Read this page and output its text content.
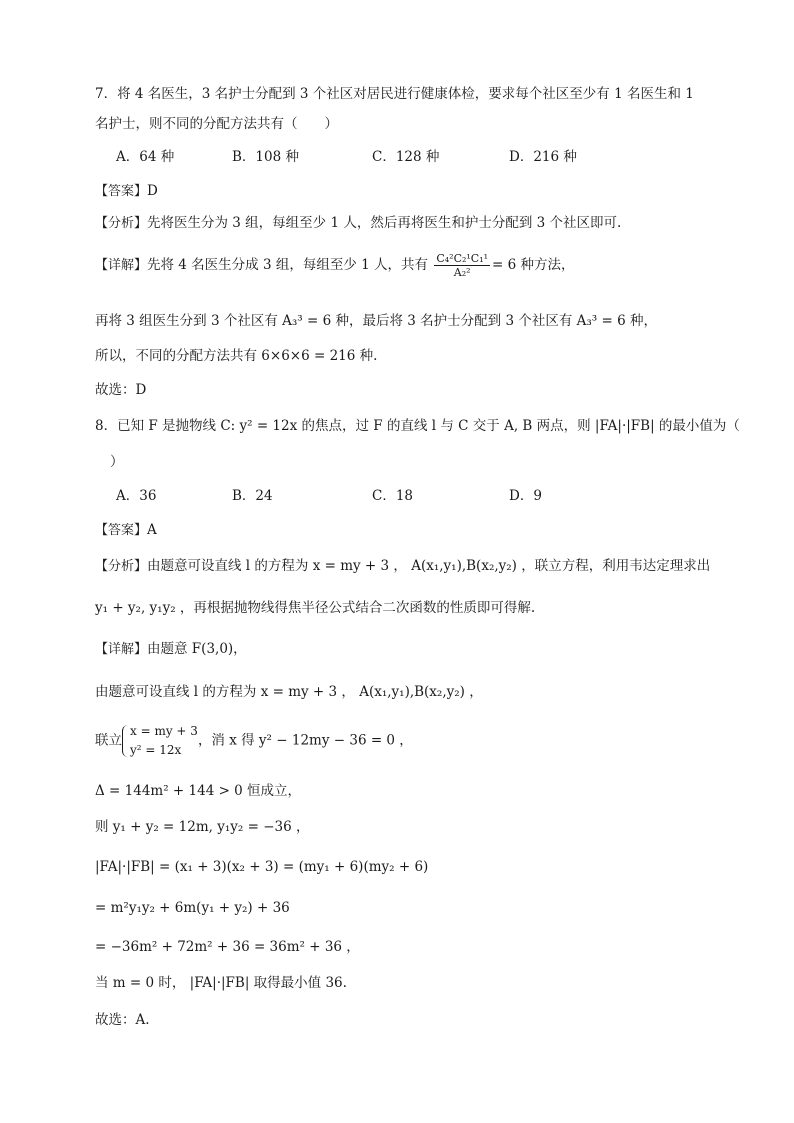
7．将 4 名医生，3 名护士分配到 3 个社区对居民进行健康体检，要求每个社区至少有 1 名医生和 1
名护士，则不同的分配方法共有（　　）
A．64 种	B．108 种	C．128 种	D．216 种
【答案】D
【分析】先将医生分为 3 组，每组至少 1 人，然后再将医生和护士分配到 3 个社区即可.
【详解】先将 4 名医生分成 3 组，每组至少 1 人，共有 $\frac{\text{C₄²C₂¹C₁¹}}{\text{A₂²}} = 6$ 种方法，
再将 3 组医生分到 3 个社区有 A₃³ = 6 种，最后将 3 名护士分配到 3 个社区有 A₃³ = 6 种，
所以，不同的分配方法共有 6×6×6 = 216 种.
故选：D
8．已知 F 是抛物线 C: y² = 12x 的焦点，过 F 的直线 l 与 C 交于 A, B 两点，则 |FA|·|FB| 的最小值为（
）
A．36	B．24	C．18	D．9
【答案】A
【分析】由题意可设直线 l 的方程为 x = my + 3 ， A(x₁,y₁),B(x₂,y₂) ，联立方程，利用韦达定理求出
y₁ + y₂, y₁y₂ ，再根据抛物线得焦半径公式结合二次函数的性质即可得解.
【详解】由题意 F(3,0)，
由题意可设直线 l 的方程为 x = my + 3 ， A(x₁,y₁),B(x₂,y₂) ，
联立
x = my + 3
y² = 12x
，消 x 得 y² − 12my − 36 = 0 ，
Δ = 144m² + 144 > 0 恒成立，
则 y₁ + y₂ = 12m, y₁y₂ = −36 ，
|FA|·|FB| = (x₁ + 3)(x₂ + 3) = (my₁ + 6)(my₂ + 6)
= m²y₁y₂ + 6m(y₁ + y₂) + 36
= −36m² + 72m² + 36 = 36m² + 36 ，
当 m = 0 时， |FA|·|FB| 取得最小值 36.
故选：A.
